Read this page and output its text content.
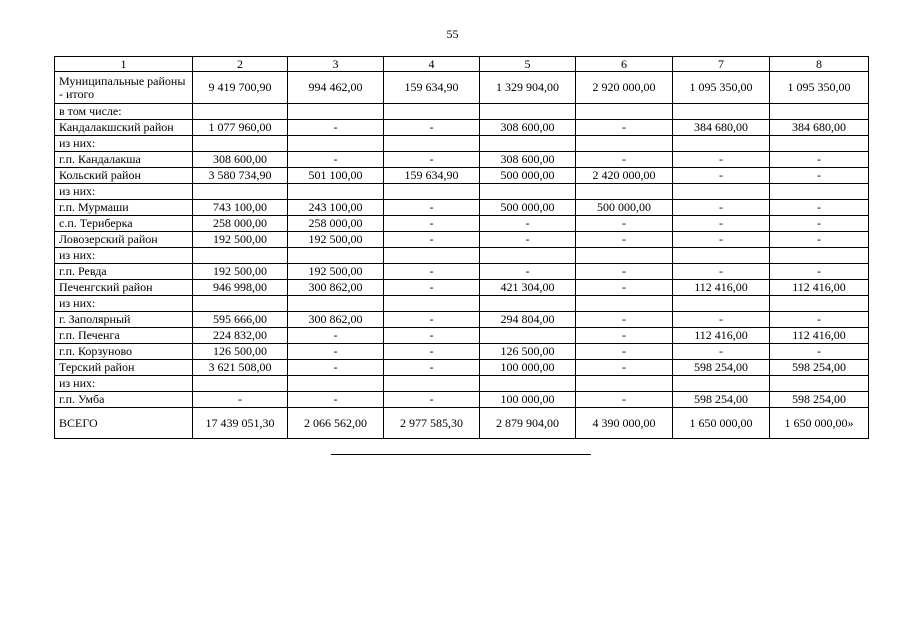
55
1	2	3	4	5	6	7	8
Муниципальные районы - итого	9 419 700,90	994 462,00	159 634,90	1 329 904,00	2 920 000,00	1 095 350,00	1 095 350,00
в том числе:							
Кандалакшский район	1 077 960,00	-	-	308 600,00	-	384 680,00	384 680,00
из них:							
г.п. Кандалакша	308 600,00	-	-	308 600,00	-	-	-
Кольский район	3 580 734,90	501 100,00	159 634,90	500 000,00	2 420 000,00	-	-
из них:							
г.п. Мурмаши	743 100,00	243 100,00	-	500 000,00	500 000,00	-	-
с.п. Териберка	258 000,00	258 000,00	-	-	-	-	-
Ловозерский район	192 500,00	192 500,00	-	-	-	-	-
из них:							
г.п. Ревда	192 500,00	192 500,00	-	-	-	-	-
Печенгский район	946 998,00	300 862,00	-	421 304,00	-	112 416,00	112 416,00
из них:							
г. Заполярный	595 666,00	300 862,00	-	294 804,00	-	-	-
г.п. Печенга	224 832,00	-	-		-	112 416,00	112 416,00
г.п. Корзуново	126 500,00	-	-	126 500,00	-	-	-
Терский район	3 621 508,00	-	-	100 000,00	-	598 254,00	598 254,00
из них:							
г.п. Умба	-	-	-	100 000,00	-	598 254,00	598 254,00
ВСЕГО	17 439 051,30	2 066 562,00	2 977 585,30	2 879 904,00	4 390 000,00	1 650 000,00	1 650 000,00»
